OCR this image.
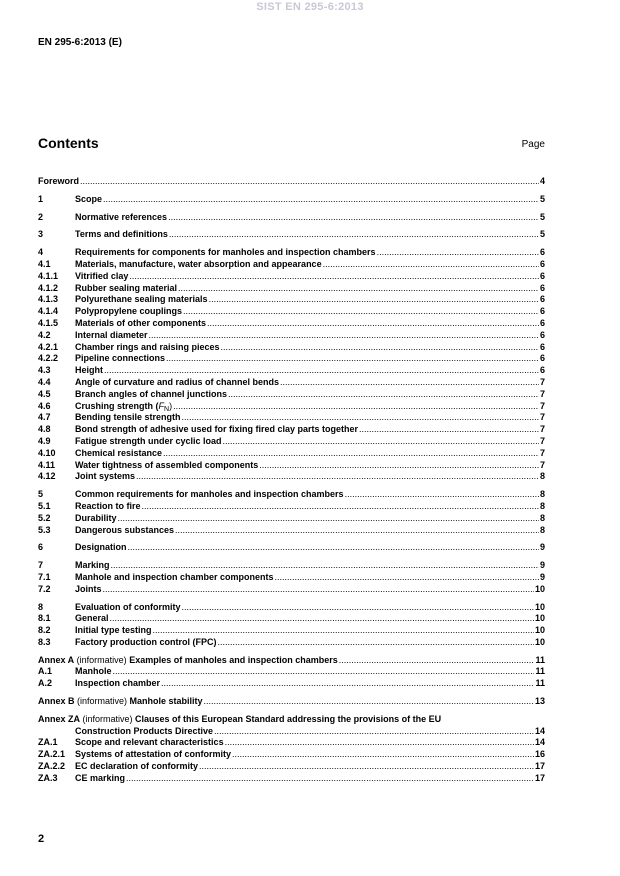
SIST EN 295-6:2013
EN 295-6:2013 (E)
Contents	Page
Foreword .....	4
1	Scope .....	5
2	Normative references .....	5
3	Terms and definitions .....	5
4	Requirements for components for manholes and inspection chambers .....	6
4.1	Materials, manufacture, water absorption and appearance .....	6
4.1.1	Vitrified clay .....	6
4.1.2	Rubber sealing material .....	6
4.1.3	Polyurethane sealing materials .....	6
4.1.4	Polypropylene couplings .....	6
4.1.5	Materials of other components .....	6
4.2	Internal diameter .....	6
4.2.1	Chamber rings and raising pieces .....	6
4.2.2	Pipeline connections .....	6
4.3	Height .....	6
4.4	Angle of curvature and radius of channel bends .....	7
4.5	Branch angles of channel junctions .....	7
4.6	Crushing strength $(F_N)$ .....	7
4.7	Bending tensile strength .....	7
4.8	Bond strength of adhesive used for fixing fired clay parts together .....	7
4.9	Fatigue strength under cyclic load .....	7
4.10	Chemical resistance .....	7
4.11	Water tightness of assembled components .....	7
4.12	Joint systems .....	8
5	Common requirements for manholes and inspection chambers .....	8
5.1	Reaction to fire .....	8
5.2	Durability .....	8
5.3	Dangerous substances .....	8
6	Designation .....	9
7	Marking .....	9
7.1	Manhole and inspection chamber components .....	9
7.2	Joints .....	10
8	Evaluation of conformity .....	10
8.1	General .....	10
8.2	Initial type testing .....	10
8.3	Factory production control (FPC) .....	10
Annex A (informative) Examples of manholes and inspection chambers .....	11
A.1	Manhole .....	11
A.2	Inspection chamber .....	11
Annex B (informative) Manhole stability .....	13
Annex ZA (informative) Clauses of this European Standard addressing the provisions of the EU
Construction Products Directive .....	14
ZA.1	Scope and relevant characteristics .....	14
ZA.2.1	Systems of attestation of conformity .....	16
ZA.2.2	EC declaration of conformity .....	17
ZA.3	CE marking .....	17
2
